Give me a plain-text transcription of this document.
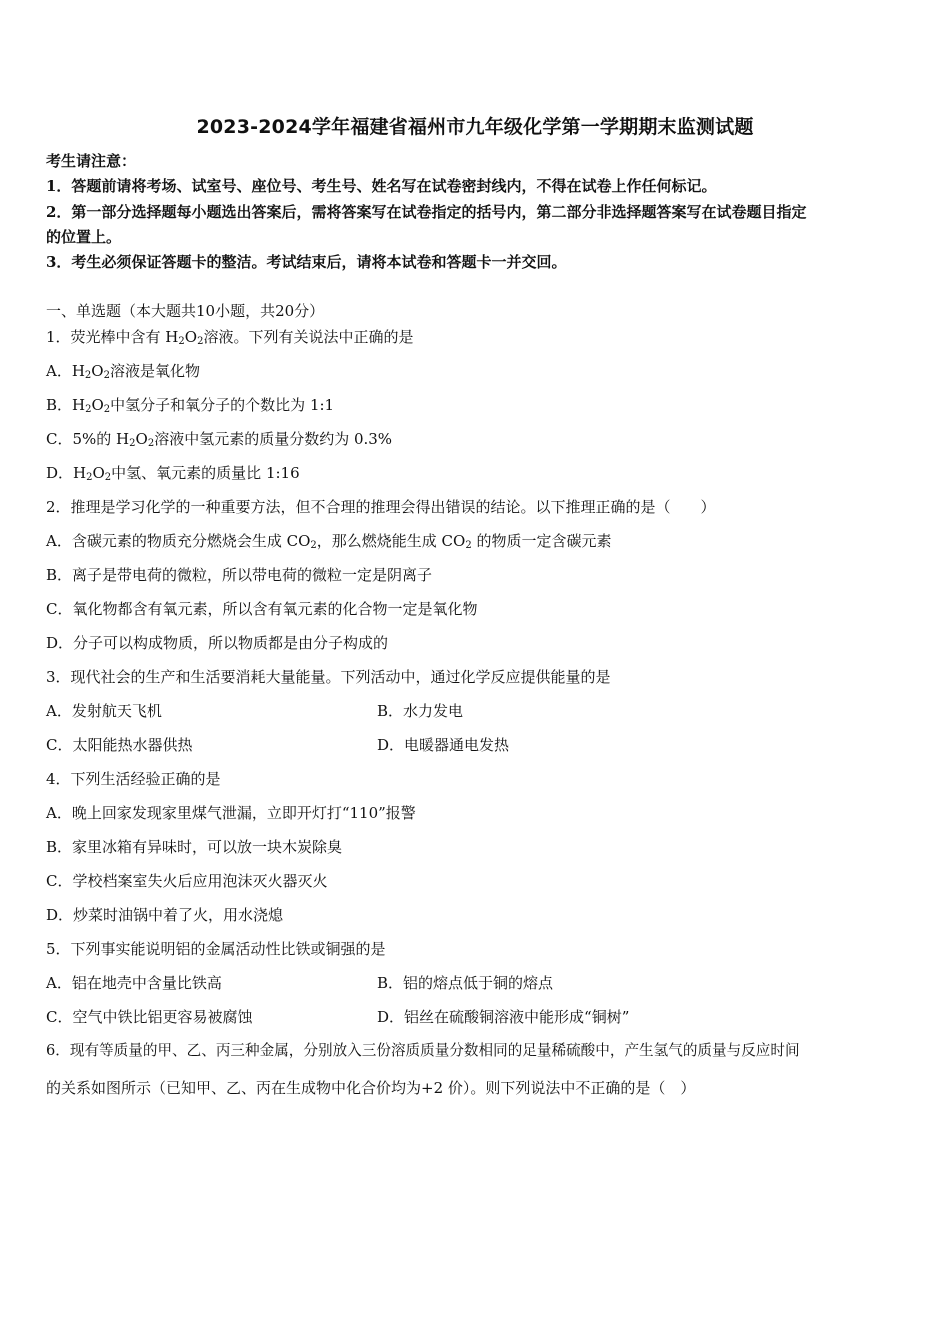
2023-2024学年福建省福州市九年级化学第一学期期末监测试题
考生请注意：
1．答题前请将考场、试室号、座位号、考生号、姓名写在试卷密封线内，不得在试卷上作任何标记。
2．第一部分选择题每小题选出答案后，需将答案写在试卷指定的括号内，第二部分非选择题答案写在试卷题目指定
的位置上。
3．考生必须保证答题卡的整洁。考试结束后，请将本试卷和答题卡一并交回。
一、单选题（本大题共10小题，共20分）
1．荧光棒中含有 $H_2O_2$溶液。下列有关说法中正确的是
A．$H_2O_2$溶液是氧化物
B．$H_2O_2$中氢分子和氧分子的个数比为 1:1
C．5%的 $H_2O_2$溶液中氢元素的质量分数约为 0.3%
D．$H_2O_2$中氢、氧元素的质量比 1:16
2．推理是学习化学的一种重要方法，但不合理的推理会得出错误的结论。以下推理正确的是（　　）
A．含碳元素的物质充分燃烧会生成 $CO_2$，那么燃烧能生成 $CO_2$ 的物质一定含碳元素
B．离子是带电荷的微粒，所以带电荷的微粒一定是阴离子
C．氧化物都含有氧元素，所以含有氧元素的化合物一定是氧化物
D．分子可以构成物质，所以物质都是由分子构成的
3．现代社会的生产和生活要消耗大量能量。下列活动中，通过化学反应提供能量的是
A．发射航天飞机	B．水力发电
C．太阳能热水器供热	D．电暖器通电发热
4．下列生活经验正确的是
A．晚上回家发现家里煤气泄漏，立即开灯打“110”报警
B．家里冰箱有异味时，可以放一块木炭除臭
C．学校档案室失火后应用泡沫灭火器灭火
D．炒菜时油锅中着了火，用水浇熄
5．下列事实能说明铝的金属活动性比铁或铜强的是
A．铝在地壳中含量比铁高	B．铝的熔点低于铜的熔点
C．空气中铁比铝更容易被腐蚀	D．铝丝在硫酸铜溶液中能形成“铜树”
6．现有等质量的甲、乙、丙三种金属，分别放入三份溶质质量分数相同的足量稀硫酸中，产生氢气的质量与反应时间
的关系如图所示（已知甲、乙、丙在生成物中化合价均为+2 价）。则下列说法中不正确的是（　）
